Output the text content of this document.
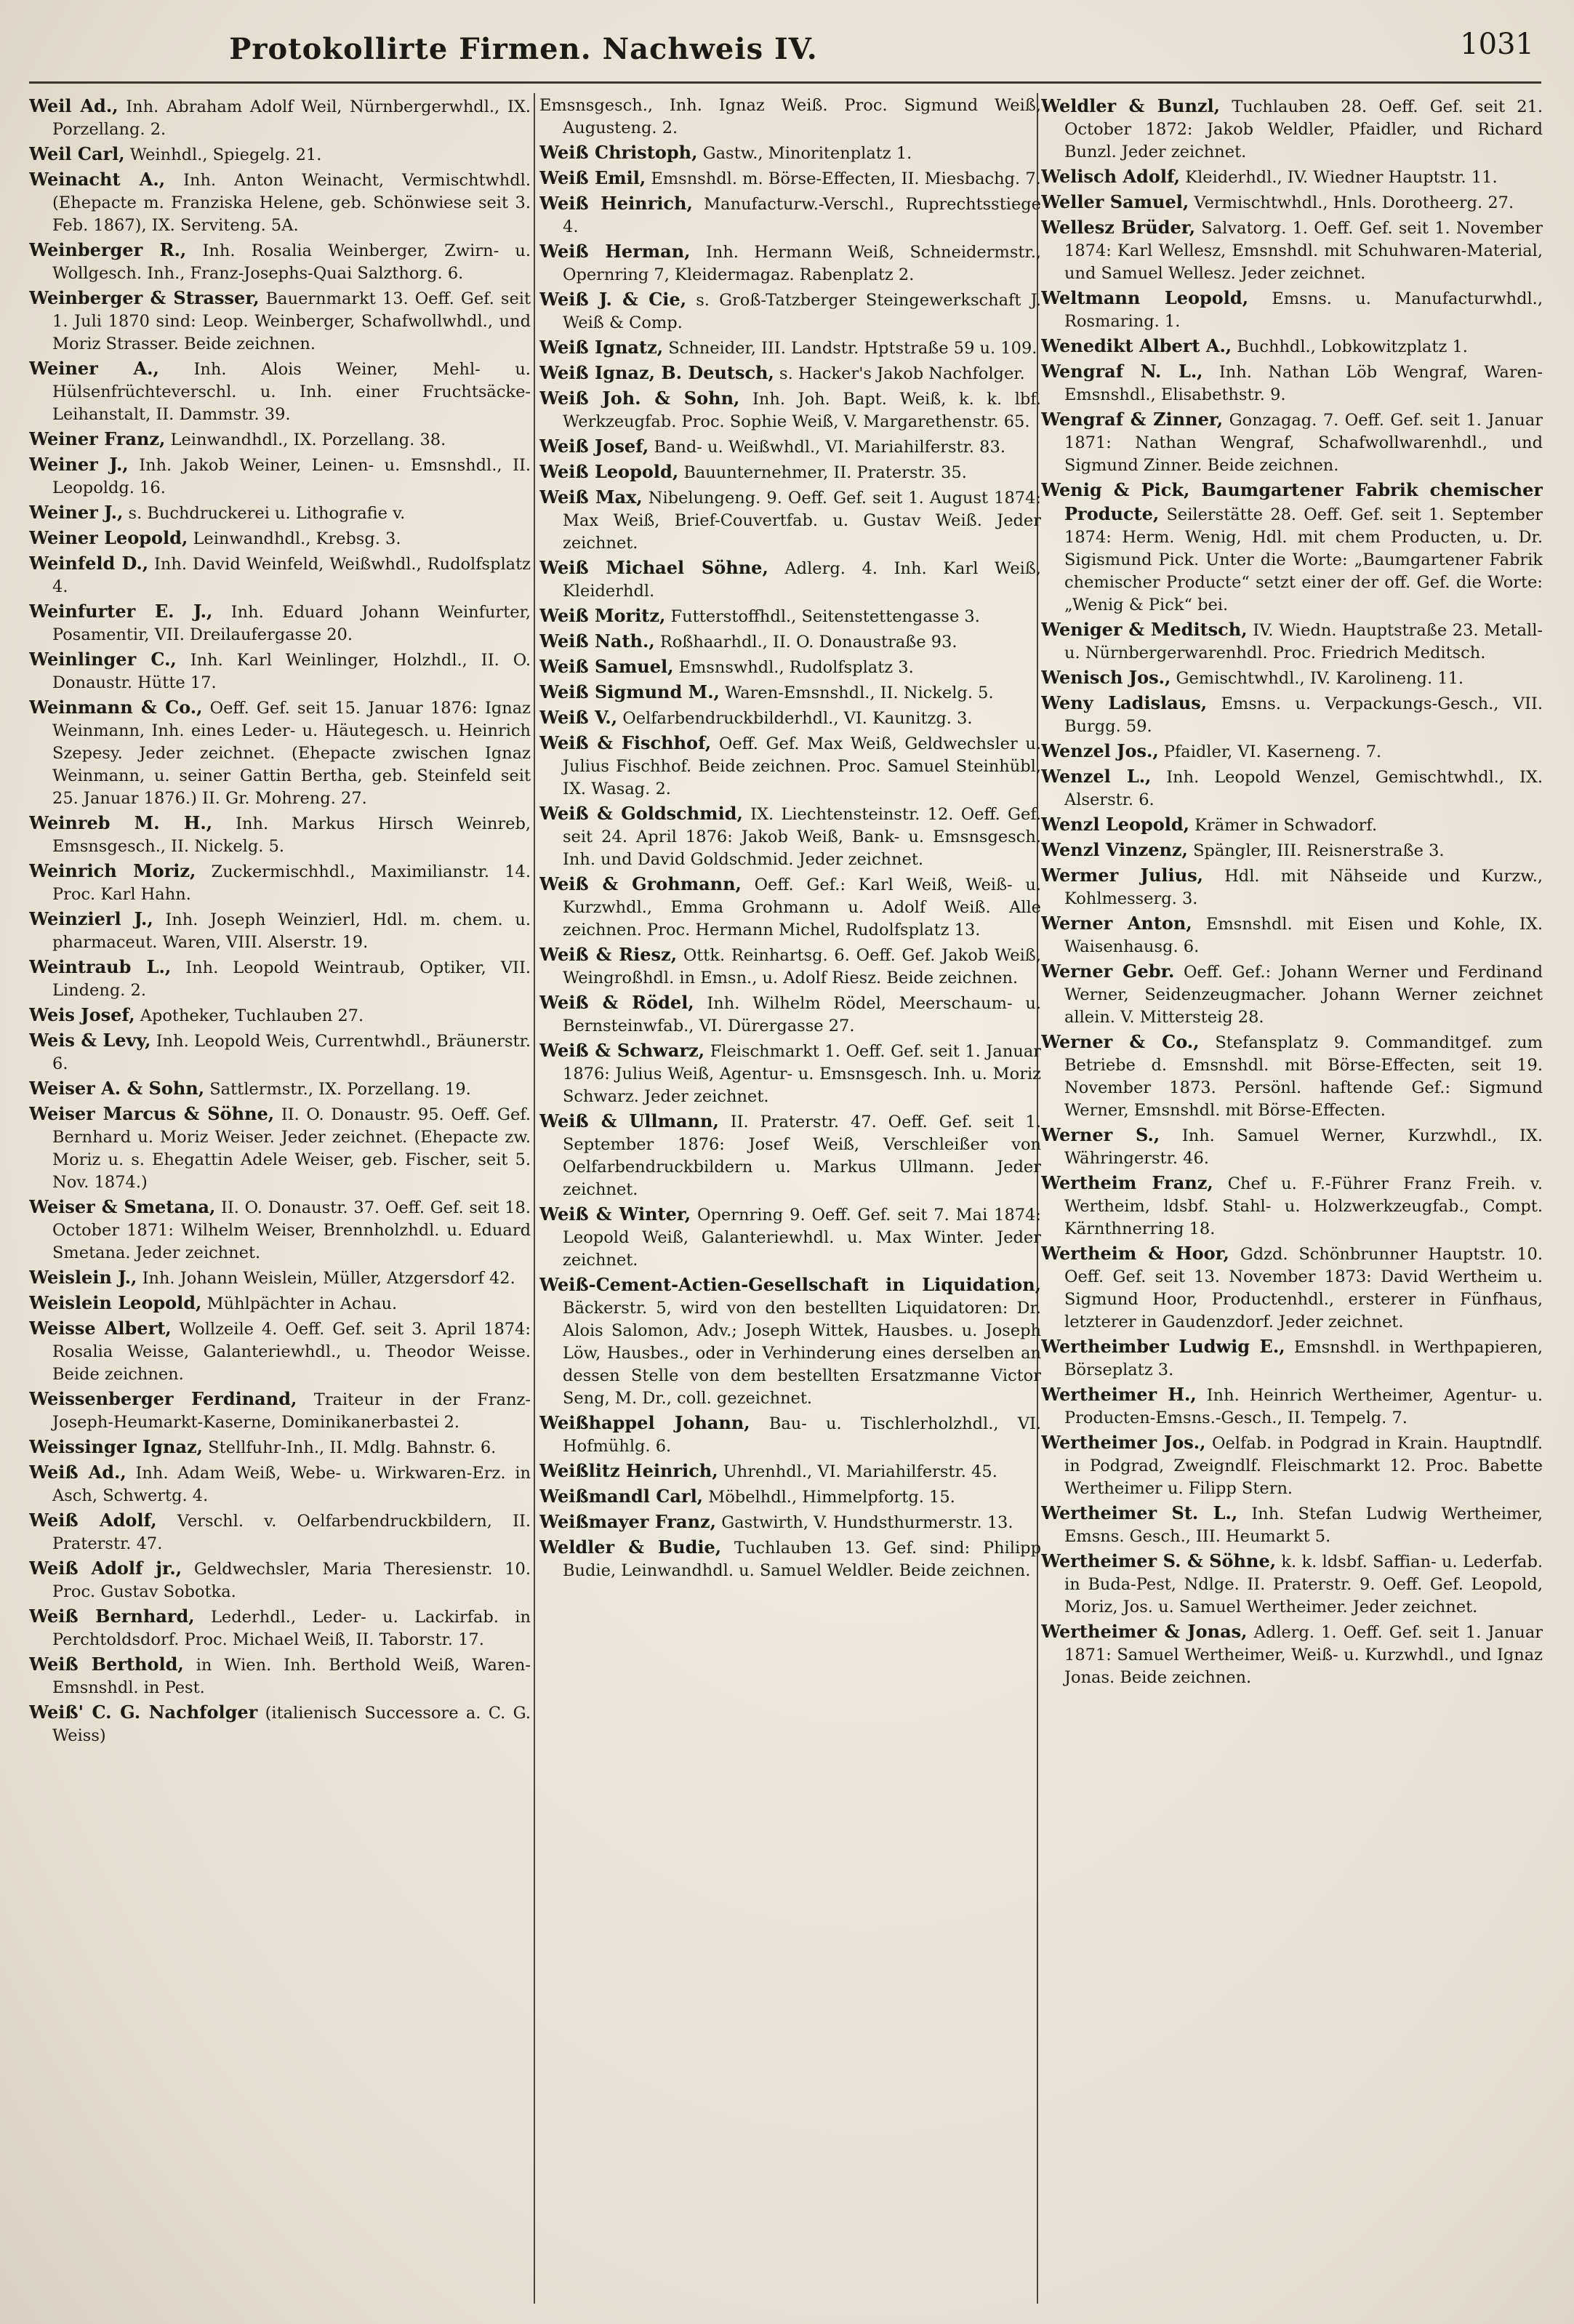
Protokollirte Firmen. Nachweis IV.	1031

Weil Ad., Inh. Abraham Adolf Weil, Nürnbergerwhdl., IX. Porzellang. 2.

Weil Carl, Weinhdl., Spiegelg. 21.

Weinacht A., Inh. Anton Weinacht, Vermischtwhdl. (Ehepacte m. Franziska Helene, geb. Schönwiese seit 3. Feb. 1867), IX. Serviteng. 5A.

Weinberger R., Inh. Rosalia Weinberger, Zwirn- u. Wollgesch. Inh., Franz-Josephs-Quai Salzthorg. 6.

Weinberger & Strasser, Bauernmarkt 13. Oeff. Gef. seit 1. Juli 1870 sind: Leop. Weinberger, Schafwollwhdl., und Moriz Strasser. Beide zeichnen.

Weiner A., Inh. Alois Weiner, Mehl- u. Hülsenfrüchteverschl. u. Inh. einer Fruchtsäcke-Leihanstalt, II. Dammstr. 39.

Weiner Franz, Leinwandhdl., IX. Porzellang. 38.

Weiner J., Inh. Jakob Weiner, Leinen- u. Emsnshdl., II. Leopoldg. 16.

Weiner J., s. Buchdruckerei u. Lithografie v.

Weiner Leopold, Leinwandhdl., Krebsg. 3.

Weinfeld D., Inh. David Weinfeld, Weißwhdl., Rudolfsplatz 4.

Weinfurter E. J., Inh. Eduard Johann Weinfurter, Posamentir, VII. Dreilaufergasse 20.

Weinlinger C., Inh. Karl Weinlinger, Holzhdl., II. O. Donaustr. Hütte 17.

Weinmann & Co., Oeff. Gef. seit 15. Januar 1876: Ignaz Weinmann, Inh. eines Leder- u. Häutegesch. u. Heinrich Szepesy. Jeder zeichnet. (Ehepacte zwischen Ignaz Weinmann, u. seiner Gattin Bertha, geb. Steinfeld seit 25. Januar 1876.) II. Gr. Mohreng. 27.

Weinreb M. H., Inh. Markus Hirsch Weinreb, Emsnsgesch., II. Nickelg. 5.

Weinrich Moriz, Zuckermischhdl., Maximilianstr. 14. Proc. Karl Hahn.

Weinzierl J., Inh. Joseph Weinzierl, Hdl. m. chem. u. pharmaceut. Waren, VIII. Alserstr. 19.

Weintraub L., Inh. Leopold Weintraub, Optiker, VII. Lindeng. 2.

Weis Josef, Apotheker, Tuchlauben 27.

Weis & Levy, Inh. Leopold Weis, Currentwhdl., Bräunerstr. 6.

Weiser A. & Sohn, Sattlermstr., IX. Porzellang. 19.

Weiser Marcus & Söhne, II. O. Donaustr. 95. Oeff. Gef. Bernhard u. Moriz Weiser. Jeder zeichnet. (Ehepacte zw. Moriz u. s. Ehegattin Adele Weiser, geb. Fischer, seit 5. Nov. 1874.)

Weiser & Smetana, II. O. Donaustr. 37. Oeff. Gef. seit 18. October 1871: Wilhelm Weiser, Brennholzhdl. u. Eduard Smetana. Jeder zeichnet.

Weislein J., Inh. Johann Weislein, Müller, Atzgersdorf 42.

Weislein Leopold, Mühlpächter in Achau.

Weisse Albert, Wollzeile 4. Oeff. Gef. seit 3. April 1874: Rosalia Weisse, Galanteriewhdl., u. Theodor Weisse. Beide zeichnen.

Weissenberger Ferdinand, Traiteur in der Franz-Joseph-Heumarkt-Kaserne, Dominikanerbastei 2.

Weissinger Ignaz, Stellfuhr-Inh., II. Mdlg. Bahnstr. 6.

Weiß Ad., Inh. Adam Weiß, Webe- u. Wirkwaren-Erz. in Asch, Schwertg. 4.

Weiß Adolf, Verschl. v. Oelfarbendruckbildern, II. Praterstr. 47.

Weiß Adolf jr., Geldwechsler, Maria Theresienstr. 10. Proc. Gustav Sobotka.

Weiß Bernhard, Lederhdl., Leder- u. Lackirfab. in Perchtoldsdorf. Proc. Michael Weiß, II. Taborstr. 17.

Weiß Berthold, in Wien. Inh. Berthold Weiß, Waren-Emsnshdl. in Pest.

Weiß' C. G. Nachfolger (italienisch Successore a. C. G. Weiss)

Emsnsgesch., Inh. Ignaz Weiß. Proc. Sigmund Weiß, Augusteng. 2.

Weiß Christoph, Gastw., Minoritenplatz 1.

Weiß Emil, Emsnshdl. m. Börse-Effecten, II. Miesbachg. 7.

Weiß Heinrich, Manufacturw.-Verschl., Ruprechtsstiege 4.

Weiß Herman, Inh. Hermann Weiß, Schneidermstr., Opernring 7, Kleidermagaz. Rabenplatz 2.

Weiß J. & Cie, s. Groß-Tatzberger Steingewerkschaft J. Weiß & Comp.

Weiß Ignatz, Schneider, III. Landstr. Hptstraße 59 u. 109.

Weiß Ignaz, B. Deutsch, s. Hacker's Jakob Nachfolger.

Weiß Joh. & Sohn, Inh. Joh. Bapt. Weiß, k. k. lbf. Werkzeugfab. Proc. Sophie Weiß, V. Margarethenstr. 65.

Weiß Josef, Band- u. Weißwhdl., VI. Mariahilferstr. 83.

Weiß Leopold, Bauunternehmer, II. Praterstr. 35.

Weiß Max, Nibelungeng. 9. Oeff. Gef. seit 1. August 1874: Max Weiß, Brief-Couvertfab. u. Gustav Weiß. Jeder zeichnet.

Weiß Michael Söhne, Adlerg. 4. Inh. Karl Weiß, Kleiderhdl.

Weiß Moritz, Futterstoffhdl., Seitenstettengasse 3.

Weiß Nath., Roßhaarhdl., II. O. Donaustraße 93.

Weiß Samuel, Emsnswhdl., Rudolfsplatz 3.

Weiß Sigmund M., Waren-Emsnshdl., II. Nickelg. 5.

Weiß V., Oelfarbendruckbilderhdl., VI. Kaunitzg. 3.

Weiß & Fischhof, Oeff. Gef. Max Weiß, Geldwechsler u. Julius Fischhof. Beide zeichnen. Proc. Samuel Steinhübl, IX. Wasag. 2.

Weiß & Goldschmid, IX. Liechtensteinstr. 12. Oeff. Gef. seit 24. April 1876: Jakob Weiß, Bank- u. Emsnsgesch. Inh. und David Goldschmid. Jeder zeichnet.

Weiß & Grohmann, Oeff. Gef.: Karl Weiß, Weiß- u. Kurzwhdl., Emma Grohmann u. Adolf Weiß. Alle zeichnen. Proc. Hermann Michel, Rudolfsplatz 13.

Weiß & Riesz, Ottk. Reinhartsg. 6. Oeff. Gef. Jakob Weiß, Weingroßhdl. in Emsn., u. Adolf Riesz. Beide zeichnen.

Weiß & Rödel, Inh. Wilhelm Rödel, Meerschaum- u. Bernsteinwfab., VI. Dürergasse 27.

Weiß & Schwarz, Fleischmarkt 1. Oeff. Gef. seit 1. Januar 1876: Julius Weiß, Agentur- u. Emsnsgesch. Inh. u. Moriz Schwarz. Jeder zeichnet.

Weiß & Ullmann, II. Praterstr. 47. Oeff. Gef. seit 1. September 1876: Josef Weiß, Verschleißer von Oelfarbendruckbildern u. Markus Ullmann. Jeder zeichnet.

Weiß & Winter, Opernring 9. Oeff. Gef. seit 7. Mai 1874: Leopold Weiß, Galanteriewhdl. u. Max Winter. Jeder zeichnet.

Weiß-Cement-Actien-Gesellschaft in Liquidation, Bäckerstr. 5, wird von den bestellten Liquidatoren: Dr. Alois Salomon, Adv.; Joseph Wittek, Hausbes. u. Joseph Löw, Hausbes., oder in Verhinderung eines derselben an dessen Stelle von dem bestellten Ersatzmanne Victor Seng, M. Dr., coll. gezeichnet.

Weißhappel Johann, Bau- u. Tischlerholzhdl., VI. Hofmühlg. 6.

Weißlitz Heinrich, Uhrenhdl., VI. Mariahilferstr. 45.

Weißmandl Carl, Möbelhdl., Himmelpfortg. 15.

Weißmayer Franz, Gastwirth, V. Hundsthurmerstr. 13.

Weldler & Budie, Tuchlauben 13. Gef. sind: Philipp Budie, Leinwandhdl. u. Samuel Weldler. Beide zeichnen.

Weldler & Bunzl, Tuchlauben 28. Oeff. Gef. seit 21. October 1872: Jakob Weldler, Pfaidler, und Richard Bunzl. Jeder zeichnet.

Welisch Adolf, Kleiderhdl., IV. Wiedner Hauptstr. 11.

Weller Samuel, Vermischtwhdl., Hnls. Dorotheerg. 27.

Wellesz Brüder, Salvatorg. 1. Oeff. Gef. seit 1. November 1874: Karl Wellesz, Emsnshdl. mit Schuhwaren-Material, und Samuel Wellesz. Jeder zeichnet.

Weltmann Leopold, Emsns. u. Manufacturwhdl., Rosmaring. 1.

Wenedikt Albert A., Buchhdl., Lobkowitzplatz 1.

Wengraf N. L., Inh. Nathan Löb Wengraf, Waren-Emsnshdl., Elisabethstr. 9.

Wengraf & Zinner, Gonzagag. 7. Oeff. Gef. seit 1. Januar 1871: Nathan Wengraf, Schafwollwarenhdl., und Sigmund Zinner. Beide zeichnen.

Wenig & Pick, Baumgartener Fabrik chemischer Producte, Seilerstätte 28. Oeff. Gef. seit 1. September 1874: Herm. Wenig, Hdl. mit chem Producten, u. Dr. Sigismund Pick. Unter die Worte: „Baumgartener Fabrik chemischer Producte“ setzt einer der off. Gef. die Worte: „Wenig & Pick“ bei.

Weniger & Meditsch, IV. Wiedn. Hauptstraße 23. Metall- u. Nürnbergerwarenhdl. Proc. Friedrich Meditsch.

Wenisch Jos., Gemischtwhdl., IV. Karolineng. 11.

Weny Ladislaus, Emsns. u. Verpackungs-Gesch., VII. Burgg. 59.

Wenzel Jos., Pfaidler, VI. Kaserneng. 7.

Wenzel L., Inh. Leopold Wenzel, Gemischtwhdl., IX. Alserstr. 6.

Wenzl Leopold, Krämer in Schwadorf.

Wenzl Vinzenz, Spängler, III. Reisnerstraße 3.

Wermer Julius, Hdl. mit Nähseide und Kurzw., Kohlmesserg. 3.

Werner Anton, Emsnshdl. mit Eisen und Kohle, IX. Waisenhausg. 6.

Werner Gebr. Oeff. Gef.: Johann Werner und Ferdinand Werner, Seidenzeugmacher. Johann Werner zeichnet allein. V. Mittersteig 28.

Werner & Co., Stefansplatz 9. Commanditgef. zum Betriebe d. Emsnshdl. mit Börse-Effecten, seit 19. November 1873. Persönl. haftende Gef.: Sigmund Werner, Emsnshdl. mit Börse-Effecten.

Werner S., Inh. Samuel Werner, Kurzwhdl., IX. Währingerstr. 46.

Wertheim Franz, Chef u. F.-Führer Franz Freih. v. Wertheim, ldsbf. Stahl- u. Holzwerkzeugfab., Compt. Kärnthnerring 18.

Wertheim & Hoor, Gdzd. Schönbrunner Hauptstr. 10. Oeff. Gef. seit 13. November 1873: David Wertheim u. Sigmund Hoor, Productenhdl., ersterer in Fünfhaus, letzterer in Gaudenzdorf. Jeder zeichnet.

Wertheimber Ludwig E., Emsnshdl. in Werthpapieren, Börseplatz 3.

Wertheimer H., Inh. Heinrich Wertheimer, Agentur- u. Producten-Emsns.-Gesch., II. Tempelg. 7.

Wertheimer Jos., Oelfab. in Podgrad in Krain. Hauptndlf. in Podgrad, Zweigndlf. Fleischmarkt 12. Proc. Babette Wertheimer u. Filipp Stern.

Wertheimer St. L., Inh. Stefan Ludwig Wertheimer, Emsns. Gesch., III. Heumarkt 5.

Wertheimer S. & Söhne, k. k. ldsbf. Saffian- u. Lederfab. in Buda-Pest, Ndlge. II. Praterstr. 9. Oeff. Gef. Leopold, Moriz, Jos. u. Samuel Wertheimer. Jeder zeichnet.

Wertheimer & Jonas, Adlerg. 1. Oeff. Gef. seit 1. Januar 1871: Samuel Wertheimer, Weiß- u. Kurzwhdl., und Ignaz Jonas. Beide zeichnen.
